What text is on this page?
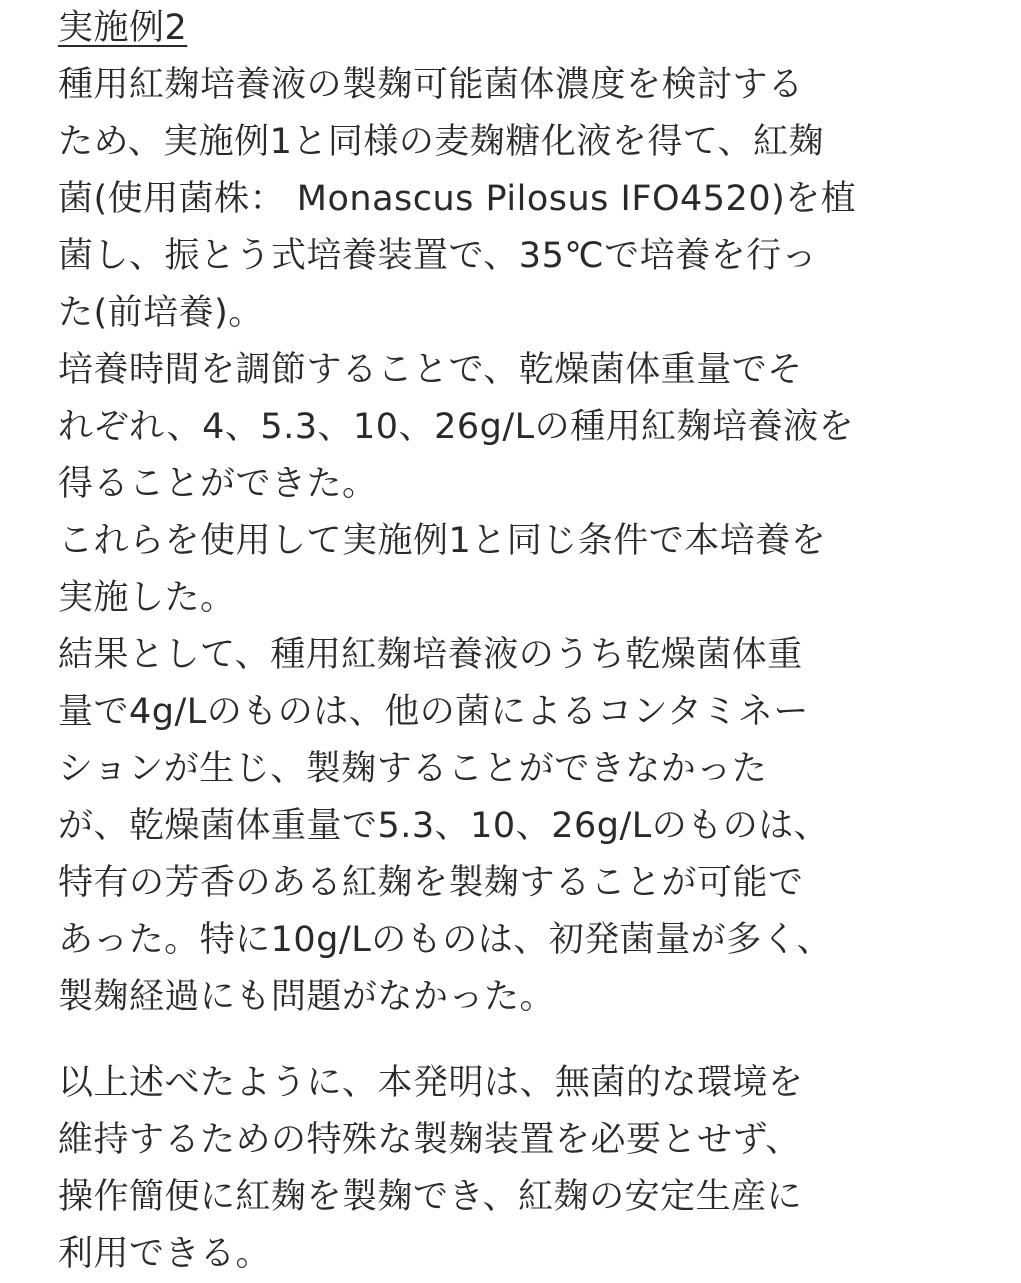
実施例2
種用紅麹培養液の製麹可能菌体濃度を検討する
ため、実施例1と同様の麦麹糖化液を得て、紅麹
菌(使用菌株： Monascus Pilosus IFO4520)を植
菌し、振とう式培養装置で、35℃で培養を行っ
た(前培養)。
培養時間を調節することで、乾燥菌体重量でそ
れぞれ、4、5.3、10、26g/Lの種用紅麹培養液を
得ることができた。
これらを使用して実施例1と同じ条件で本培養を
実施した。
結果として、種用紅麹培養液のうち乾燥菌体重
量で4g/Lのものは、他の菌によるコンタミネー
ションが生じ、製麹することができなかった
が、乾燥菌体重量で5.3、10、26g/Lのものは、
特有の芳香のある紅麹を製麹することが可能で
あった。特に10g/Lのものは、初発菌量が多く、
製麹経過にも問題がなかった。
以上述べたように、本発明は、無菌的な環境を
維持するための特殊な製麹装置を必要とせず、
操作簡便に紅麹を製麹でき、紅麹の安定生産に
利用できる。
